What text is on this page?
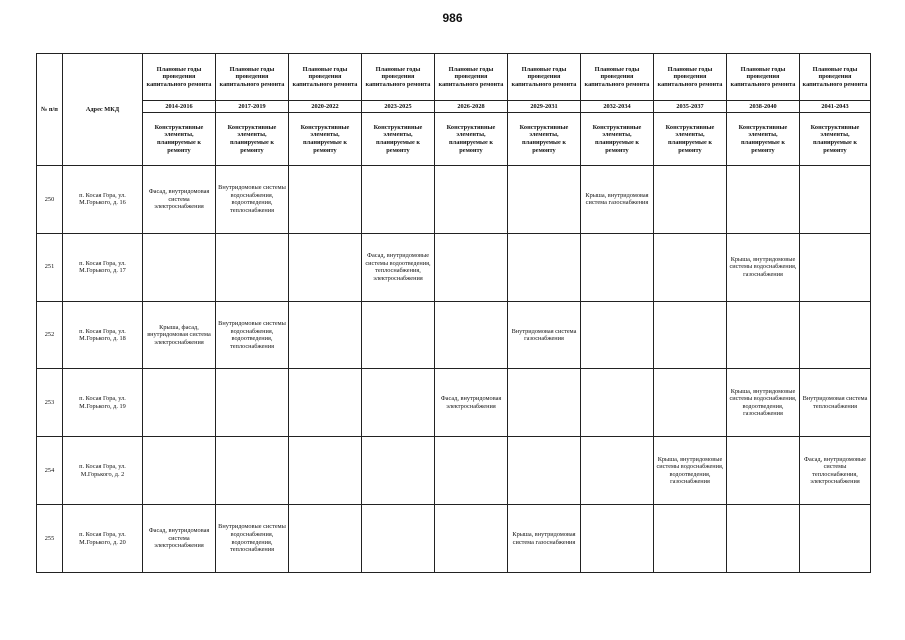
986
№ п/п	Адрес МКД	Плановые годы проведения капитального ремонта	Плановые годы проведения капитального ремонта	Плановые годы проведения капитального ремонта	Плановые годы проведения капитального ремонта	Плановые годы проведения капитального ремонта	Плановые годы проведения капитального ремонта	Плановые годы проведения капитального ремонта	Плановые годы проведения капитального ремонта	Плановые годы проведения капитального ремонта	Плановые годы проведения капитального ремонта
		2014-2016	2017-2019	2020-2022	2023-2025	2026-2028	2029-2031	2032-2034	2035-2037	2038-2040	2041-2043
		Конструктивные элементы, планируемые к ремонту	Конструктивные элементы, планируемые к ремонту	Конструктивные элементы, планируемые к ремонту	Конструктивные элементы, планируемые к ремонту	Конструктивные элементы, планируемые к ремонту	Конструктивные элементы, планируемые к ремонту	Конструктивные элементы, планируемые к ремонту	Конструктивные элементы, планируемые к ремонту	Конструктивные элементы, планируемые к ремонту	Конструктивные элементы, планируемые к ремонту
250	п. Косая Гора, ул. М.Горького, д. 16	Фасад, внутридомовая система электроснабжения	Внутридомовые системы водоснабжения, водоотведения, теплоснабжения					Крыша, внутридомовая система газоснабжения			
251	п. Косая Гора, ул. М.Горького, д. 17				Фасад, внутридомовые системы водоотведения, теплоснабжения, электроснабжения					Крыша, внутридомовые системы водоснабжения, газоснабжения	
252	п. Косая Гора, ул. М.Горького, д. 18	Крыша, фасад, внутридомовая система электроснабжения	Внутридомовые системы водоснабжения, водоотведения, теплоснабжения				Внутридомовая система газоснабжения				
253	п. Косая Гора, ул. М.Горького, д. 19					Фасад, внутридомовая электроснабжения				Крыша, внутридомовые системы водоснабжения, водоотведения, газоснабжения	Внутридомовая система теплоснабжения
254	п. Косая Гора, ул. М.Горького, д. 2								Крыша, внутридомовые системы водоснабжения, водоотведения, газоснабжения		Фасад, внутридомовые системы теплоснабжения, электроснабжения
255	п. Косая Гора, ул. М.Горького, д. 20	Фасад, внутридомовая система электроснабжения	Внутридомовые системы водоснабжения, водоотведения, теплоснабжения				Крыша, внутридомовая система газоснабжения				
